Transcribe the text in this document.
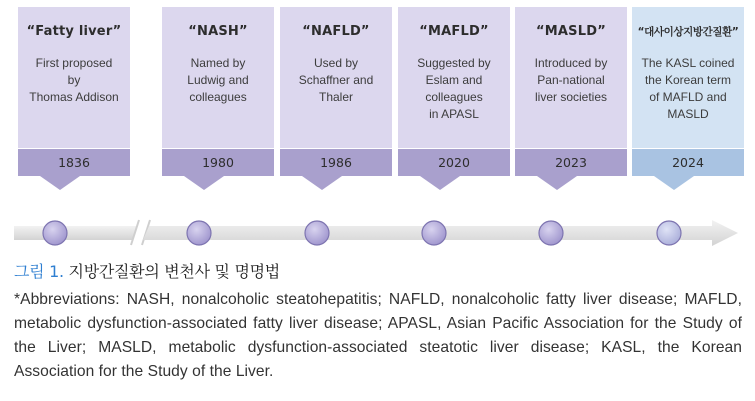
“Fatty liver”
First proposed
by
Thomas Addison
1836
“NASH”
Named by
Ludwig and
colleagues
1980
“NAFLD”
Used by
Schaffner and
Thaler
1986
“MAFLD”
Suggested by
Eslam and
colleagues
in APASL
2020
“MASLD”
Introduced by
Pan-national
liver societies
2023
“대사이상지방간질환”
The KASL coined
the Korean term
of MAFLD and
MASLD
2024
그림 1. 지방간질환의 변천사 및 명명법
*Abbreviations: NASH, nonalcoholic steatohepatitis; NAFLD, nonalcoholic fatty liver disease; MAFLD, metabolic dysfunction-associated fatty liver disease; APASL, Asian Pacific Association for the Study of the Liver; MASLD, metabolic dysfunction-associated steatotic liver disease; KASL, the Korean Association for the Study of the Liver.
